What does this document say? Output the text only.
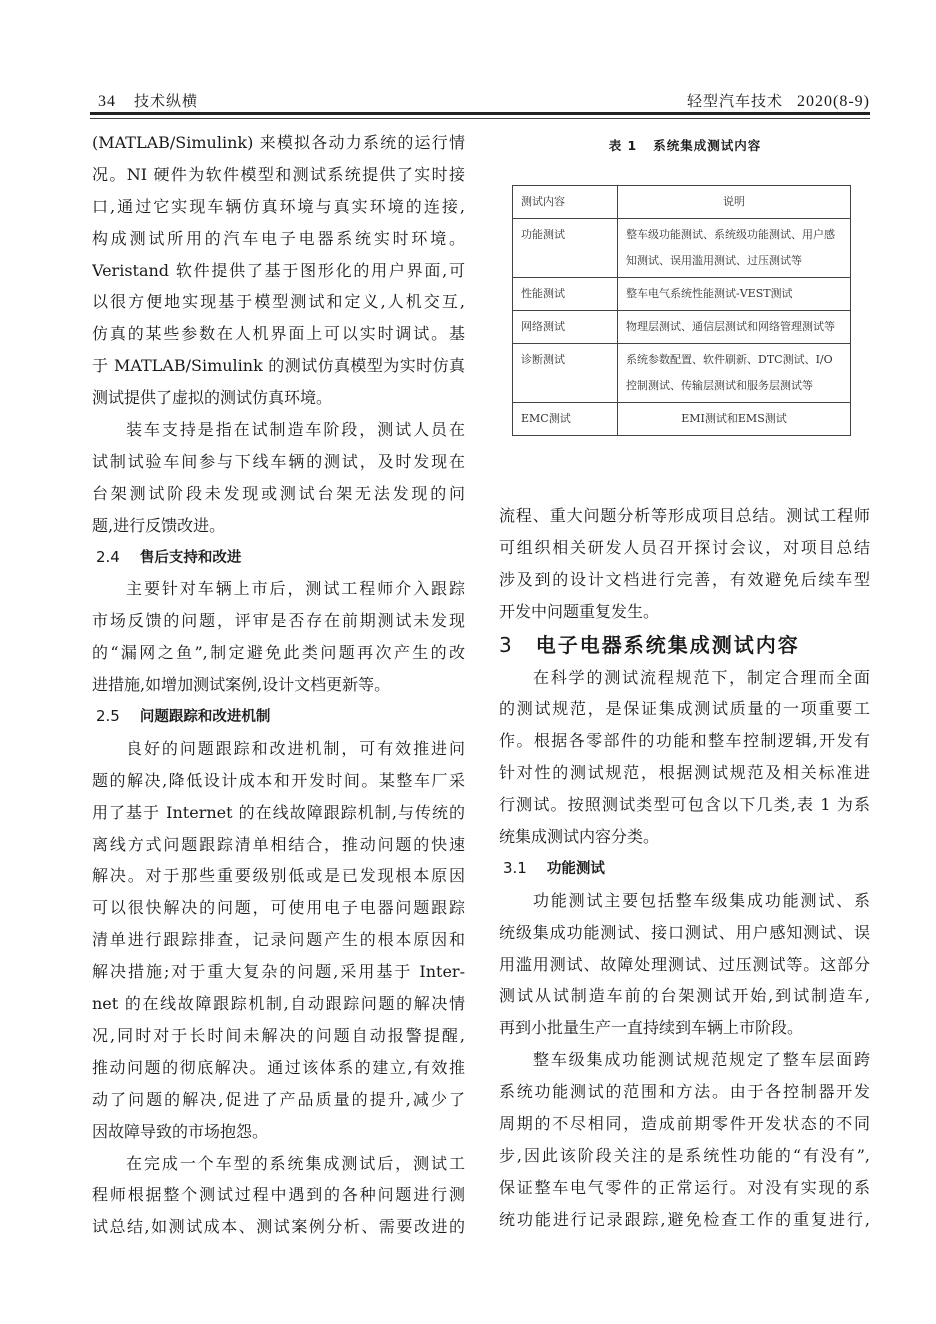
34 技术纵横	轻型汽车技术 2020(8-9)
(MATLAB/Simulink) 来模拟各动力系统的运行情
况。NI 硬件为软件模型和测试系统提供了实时接
口,通过它实现车辆仿真环境与真实环境的连接,
构成测试所用的汽车电子电器系统实时环境。
Veristand 软件提供了基于图形化的用户界面,可
以很方便地实现基于模型测试和定义,人机交互,
仿真的某些参数在人机界面上可以实时调试。基
于 MATLAB/Simulink 的测试仿真模型为实时仿真
测试提供了虚拟的测试仿真环境。
装车支持是指在试制造车阶段，测试人员在
试制试验车间参与下线车辆的测试，及时发现在
台架测试阶段未发现或测试台架无法发现的问
题,进行反馈改进。
2.4 售后支持和改进
主要针对车辆上市后，测试工程师介入跟踪
市场反馈的问题，评审是否存在前期测试未发现
的“漏网之鱼”,制定避免此类问题再次产生的改
进措施,如增加测试案例,设计文档更新等。
2.5 问题跟踪和改进机制
良好的问题跟踪和改进机制，可有效推进问
题的解决,降低设计成本和开发时间。某整车厂采
用了基于 Internet 的在线故障跟踪机制,与传统的
离线方式问题跟踪清单相结合，推动问题的快速
解决。对于那些重要级别低或是已发现根本原因
可以很快解决的问题，可使用电子电器问题跟踪
清单进行跟踪排查，记录问题产生的根本原因和
解决措施;对于重大复杂的问题,采用基于 Inter-
net 的在线故障跟踪机制,自动跟踪问题的解决情
况,同时对于长时间未解决的问题自动报警提醒,
推动问题的彻底解决。通过该体系的建立,有效推
动了问题的解决,促进了产品质量的提升,减少了
因故障导致的市场抱怨。
在完成一个车型的系统集成测试后，测试工
程师根据整个测试过程中遇到的各种问题进行测
试总结,如测试成本、测试案例分析、需要改进的
表 1 系统集成测试内容
测试内容	说明
功能测试	整车级功能测试、系统级功能测试、用户感知测试、误用滥用测试、过压测试等
性能测试	整车电气系统性能测试-VEST测试
网络测试	物理层测试、通信层测试和网络管理测试等
诊断测试	系统参数配置、软件刷新、DTC测试、I/O控制测试、传输层测试和服务层测试等
EMC测试	EMI测试和EMS测试
流程、重大问题分析等形成项目总结。测试工程师
可组织相关研发人员召开探讨会议，对项目总结
涉及到的设计文档进行完善，有效避免后续车型
开发中问题重复发生。
3 电子电器系统集成测试内容
在科学的测试流程规范下，制定合理而全面
的测试规范，是保证集成测试质量的一项重要工
作。根据各零部件的功能和整车控制逻辑,开发有
针对性的测试规范，根据测试规范及相关标准进
行测试。按照测试类型可包含以下几类,表 1 为系
统集成测试内容分类。
3.1 功能测试
功能测试主要包括整车级集成功能测试、系
统级集成功能测试、接口测试、用户感知测试、误
用滥用测试、故障处理测试、过压测试等。这部分
测试从试制造车前的台架测试开始,到试制造车,
再到小批量生产一直持续到车辆上市阶段。
整车级集成功能测试规范规定了整车层面跨
系统功能测试的范围和方法。由于各控制器开发
周期的不尽相同，造成前期零件开发状态的不同
步,因此该阶段关注的是系统性功能的“有没有”,
保证整车电气零件的正常运行。对没有实现的系
统功能进行记录跟踪,避免检查工作的重复进行,
